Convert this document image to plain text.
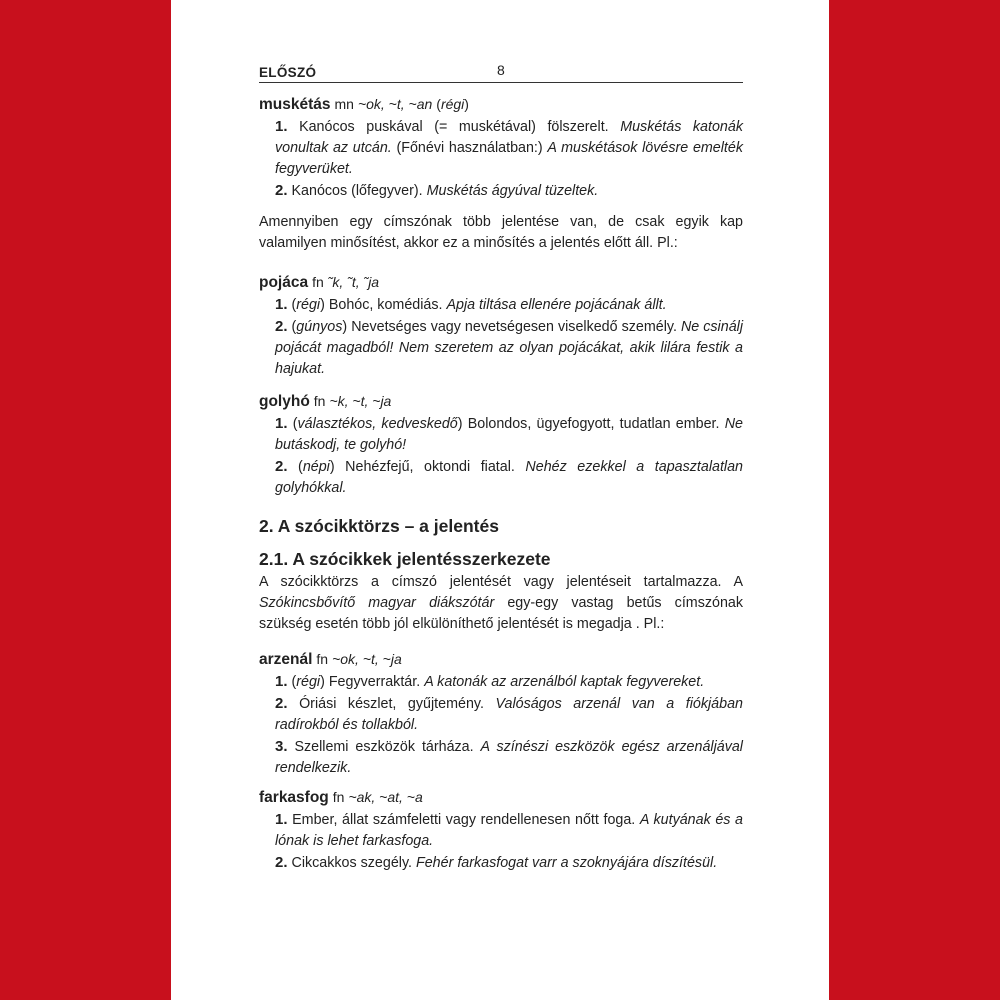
ELŐSZÓ	8
muskétás mn ~ok, ~t, ~an (régi)
1. Kanócos puskával (= muskétával) fölszerelt. Muskétás katonák vonultak az utcán. (Főnévi használatban:) A muskétások lövésre emelték fegyverüket.
2. Kanócos (lőfegyver). Muskétás ágyúval tüzeltek.
Amennyiben egy címszónak több jelentése van, de csak egyik kap valamilyen minősítést, akkor ez a minősítés a jelentés előtt áll. Pl.:
pojáca fn ˜k, ˜t, ˜ja
1. (régi) Bohóc, komédiás. Apja tiltása ellenére pojácának állt.
2. (gúnyos) Nevetséges vagy nevetségesen viselkedő személy. Ne csinálj pojácát magadból! Nem szeretem az olyan pojácákat, akik lilára festik a hajukat.
golyhó fn ~k, ~t, ~ja
1. (választékos, kedveskedő) Bolondos, ügyefogyott, tudatlan ember. Ne butáskodj, te golyhó!
2. (népi) Nehézfejű, oktondi fiatal. Nehéz ezekkel a tapasztalatlan golyhókkal.
2. A szócikktörzs – a jelentés
2.1. A szócikkek jelentésszerkezete
A szócikktörzs a címszó jelentését vagy jelentéseit tartalmazza. A Szókincsbővítő magyar diákszótár egy-egy vastag betűs címszónak szükség esetén több jól elkülöníthető jelentését is megadja . Pl.:
arzenál fn ~ok, ~t, ~ja
1. (régi) Fegyverraktár. A katonák az arzenálból kaptak fegyvereket.
2. Óriási készlet, gyűjtemény. Valóságos arzenál van a fiókjában radírokból és tollakból.
3. Szellemi eszközök tárháza. A színészi eszközök egész arzenáljával rendelkezik.
farkasfog fn ~ak, ~at, ~a
1. Ember, állat számfeletti vagy rendellenesen nőtt foga. A kutyának és a lónak is lehet farkasfoga.
2. Cikcakkos szegély. Fehér farkasfogat varr a szoknyájára díszítésül.
